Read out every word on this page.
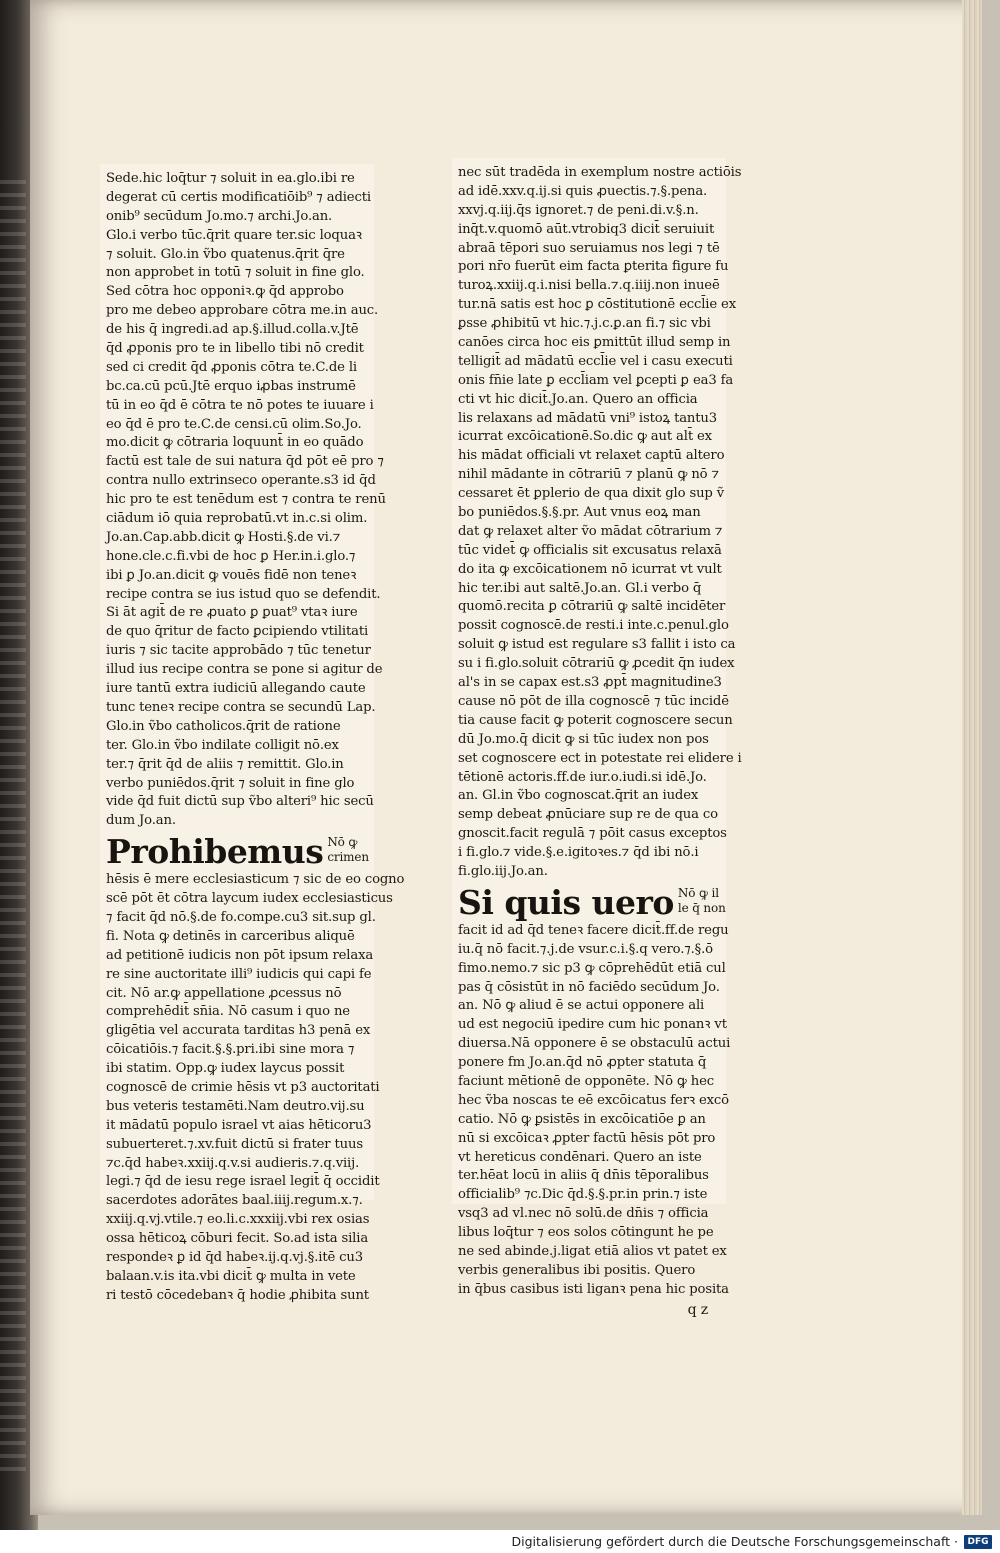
Sede.hic loq̄tur ⁊ soluit in ea.glo.ibi re
degerat cū certis modificatiōib⁹ ⁊ adiecti
onib⁹ secūdum Jo.mo.⁊ archi.Jo.an.
Glo.i verbo tūc.q̄rit quare ter.sic loquaꝛ
⁊ soluit. Glo.in ṽbo quatenus.q̄rit q̄re
non approbet in totū ⁊ soluit in fine glo.
Sed cōtra hoc opponiꝛ.ꝙ q̄d approbo
pro me debeo approbare cōtra me.in auc.
de his q̄ ingredi.ad ap.§.illud.colla.v.Jtē
q̄d ꝓponis pro te in libello tibi nō credit
sed ci credit q̄d ꝓponis cōtra te.C.de li
bc.ca.cū pcū.Jtē erquo iꝓbas instrumē
tū in eo q̄d ē cōtra te nō potes te iuuare i
eo q̄d ē pro te.C.de censi.cū olim.So.Jo.
mo.dicit ꝙ cōtraria loquunt̄ in eo quādo
factū est tale de sui natura q̄d pōt eē pro ⁊
contra nullo extrinseco operante.s3 id q̄d
hic pro te est tenēdum est ⁊ contra te renū
ciādum iō quia reprobatū.vt in.c.si olim.
Jo.an.Cap.abb.dicit ꝙ Hosti.§.de vi.⁊
hone.cle.c.fi.vbi de hoc ꝑ Her.in.i.glo.⁊
ibi ꝑ Jo.an.dicit ꝙ vouēs fidē non teneꝛ
recipe contra se ius istud quo se defendit.
Si āt agit̄ de re ꝓuato ꝑ ꝑuat⁹ vtaꝛ iure
de quo q̄ritur de facto ꝑcipiendo vtilitati
iuris ⁊ sic tacite approbādo ⁊ tūc tenetur
illud ius recipe contra se pone si agitur de
iure tantū extra iudiciū allegando caute
tunc teneꝛ recipe contra se secundū Lap.
Glo.in ṽbo catholicos.q̄rit de ratione
ter. Glo.in ṽbo indilate colligit nō.ex
ter.⁊ q̄rit q̄d de aliis ⁊ remittit. Glo.in
verbo puniēdos.q̄rit ⁊ soluit in fine glo
vide q̄d fuit dictū sup ṽbo alteri⁹ hic secū
dum Jo.an.
Prohibemus Nō ꝙ
crimen
hēsis ē mere ecclesiasticum ⁊ sic de eo cogno
scē pōt ēt cōtra laycum iudex ecclesiasticus
⁊ facit q̄d nō.§.de fo.compe.cu3 sit.sup gl.
fi. Nota ꝙ detinēs in carceribus aliquē
ad petitionē iudicis non pōt ipsum relaxa
re sine auctoritate illi⁹ iudicis qui capi fe
cit. Nō ar.ꝙ appellatione ꝓcessus nō
comprehēdit̄ sn̄ia. Nō casum i quo ne
gligētia vel accurata tarditas h3 penā ex
cōicatiōis.⁊ facit.§.§.pri.ibi sine mora ⁊
ibi statim. Opp.ꝙ iudex laycus possit
cognoscē de crimie hēsis vt p3 auctoritati
bus veteris testamēti.Nam deutro.vij.su
it mādatū populo israel vt aias hēticoru3
subuerteret.⁊.xv.fuit dictū si frater tuus
⁊c.q̄d habeꝛ.xxiij.q.v.si audieris.⁊.q.viij.
legi.⁊ q̄d de iesu rege israel legit̄ q̄ occidit
sacerdotes adorātes baal.iiij.regum.x.⁊.
xxiij.q.vj.vtile.⁊ eo.li.c.xxxiij.vbi rex osias
ossa hēticoꝝ cōburi fecit. So.ad ista silia
respondeꝛ ꝑ id q̄d habeꝛ.ij.q.vj.§.itē cu3
balaan.v.is ita.vbi dicit̄ ꝙ multa in vete
ri testō cōcedebanꝛ q̄ hodie ꝓhibita sunt
nec sūt tradēda in exemplum nostre actiōis
ad idē.xxv.q.ij.si quis ꝓuectis.⁊.§.pena.
xxvj.q.iij.q̄s ignoret.⁊ de peni.di.v.§.n.
inq̄t.v.quomō aūt.vtrobiq3 dicit̄ seruiuit
abraā tēpori suo seruiamus nos legi ⁊ tē
pori nr̄o fuerūt eim facta ꝑterita figure fu
turoꝝ.xxiij.q.i.nisi bella.⁊.q.iiij.non inueē
tur.nā satis est hoc ꝑ cōstitutionē eccl̄ie ex
ꝑsse ꝓhibitū vt hic.⁊.j.c.ꝑ.an fi.⁊ sic vbi
canōes circa hoc eis ꝑmittūt illud semp in
telligit̄ ad mādatū eccl̄ie vel i casu executi
onis fn̄ie late ꝑ eccl̄iam vel ꝑcepti ꝑ ea3 fa
cti vt hic dicit̄.Jo.an. Quero an officia
lis relaxans ad mādatū vni⁹ istoꝝ tantu3
icurrat excōicationē.So.dic ꝙ aut alt̄ ex
his mādat officiali vt relaxet captū altero
nihil mādante in cōtrariū ⁊ planū ꝙ nō ⁊
cessaret ēt ꝑplerio de qua dixit glo sup ṽ
bo puniēdos.§.§.pr. Aut vnus eoꝝ man
dat ꝙ relaxet alter ṽo mādat cōtrarium ⁊
tūc videt̄ ꝙ officialis sit excusatus relaxā
do ita ꝙ excōicationem nō icurrat vt vult
hic ter.ibi aut saltē.Jo.an. Gl.i verbo q̄
quomō.recita ꝑ cōtrariū ꝙ saltē incidēter
possit cognoscē.de resti.i inte.c.penul.glo
soluit ꝙ istud est regulare s3 fallit i isto ca
su i fi.glo.soluit cōtrariū ꝙ ꝓcedit q̄n iudex
al's in se capax est.s3 ꝓpt̄ magnitudine3
cause nō pōt de illa cognoscē ⁊ tūc incidē
tia cause facit ꝙ poterit cognoscere secun
dū Jo.mo.q̄ dicit ꝙ si tūc iudex non pos
set cognoscere ect in potestate rei elidere i
tētionē actoris.ff.de iur.o.iudi.si idē.Jo.
an. Gl.in ṽbo cognoscat.q̄rit an iudex
semp debeat ꝓnūciare sup re de qua co
gnoscit.facit regulā ⁊ pōit casus exceptos
i fi.glo.⁊ vide.§.e.igitoꝛes.⁊ q̄d ibi nō.i
fi.glo.iij.Jo.an.
Si quis uero Nō ꝙ il
le q̄ non
facit id ad q̄d teneꝛ facere dicit̄.ff.de regu
iu.q̄ nō facit.⁊.j.de vsur.c.i.§.q vero.⁊.§.ō
fimo.nemo.⁊ sic p3 ꝙ cōprehēdūt etiā cul
pas q̄ cōsistūt in nō faciēdo secūdum Jo.
an. Nō ꝙ aliud ē se actui opponere ali
ud est negociū ipedire cum hic ponanꝛ vt
diuersa.Nā opponere ē se obstaculū actui
ponere fm Jo.an.q̄d nō ꝓpter statuta q̄
faciunt mētionē de opponēte. Nō ꝙ hec
hec ṽba noscas te eē excōicatus ferꝛ excō
catio. Nō ꝙ ꝑsistēs in excōicatiōe ꝑ an
nū si excōicaꝛ ꝓpter factū hēsis pōt pro
vt hereticus condēnari. Quero an iste
ter.hēat locū in aliis q̄ dn̄is tēporalibus
officialib⁹ ⁊c.Dic q̄d.§.§.pr.in prin.⁊ iste
vsq3 ad vl.nec nō solū.de dn̄is ⁊ officia
libus loq̄tur ⁊ eos solos cōtingunt he pe
ne sed abinde.j.ligat etiā alios vt patet ex
verbis generalibus ibi positis. Quero
in q̄bus casibus isti liganꝛ pena hic posita
q z
Digitalisierung gefördert durch die Deutsche Forschungsgemeinschaft ·	DFG
